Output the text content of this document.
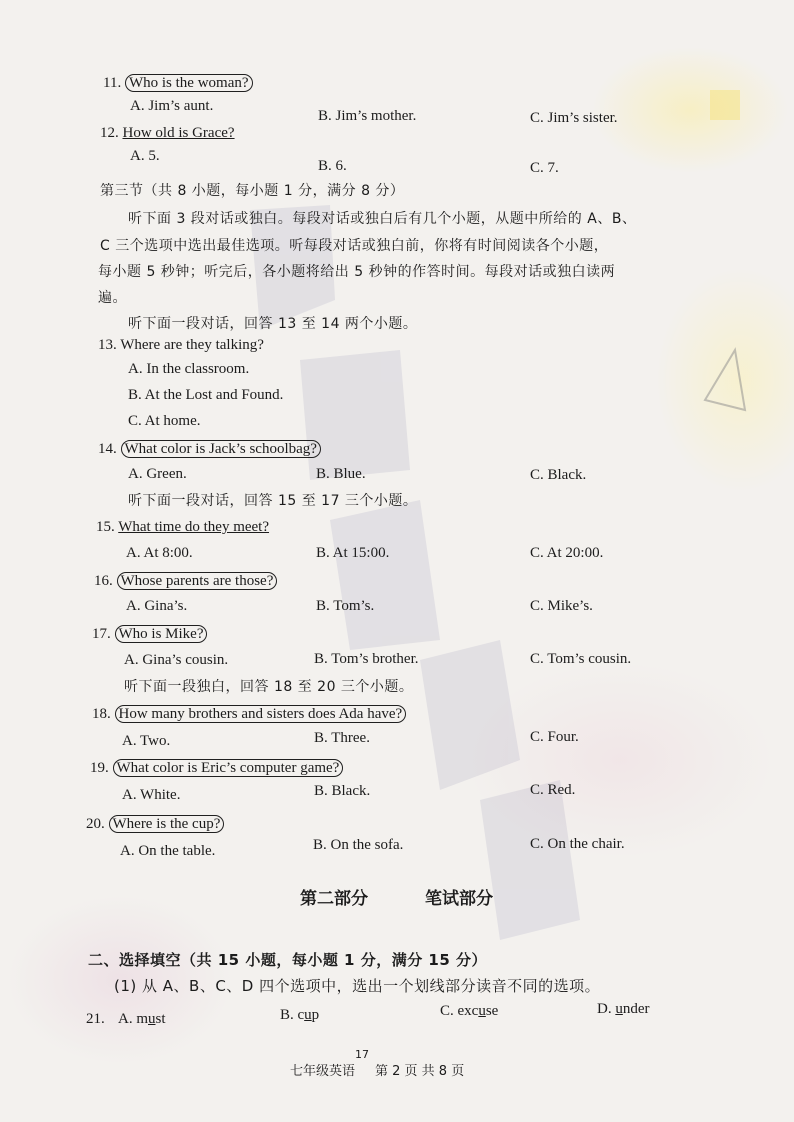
11. Who is the woman?
A. Jim’s aunt.
B. Jim’s mother.	C. Jim’s sister.
12. How old is Grace?
A. 5.
B. 6.	C. 7.
第三节（共 8 小题，每小题 1 分，满分 8 分）
听下面 3 段对话或独白。每段对话或独白后有几个小题，从题中所给的 A、B、
C 三个选项中选出最佳选项。听每段对话或独白前，你将有时间阅读各个小题，
每小题 5 秒钟；听完后，各小题将给出 5 秒钟的作答时间。每段对话或独白读两
遍。
听下面一段对话，回答 13 至 14 两个小题。
13. Where are they talking?
A. In the classroom.
B. At the Lost and Found.
C. At home.
14. What color is Jack’s schoolbag?
A. Green.	B. Blue.	C. Black.
听下面一段对话，回答 15 至 17 三个小题。
15. What time do they meet?
A. At 8:00.	B. At 15:00.	C. At 20:00.
16. Whose parents are those?
A. Gina’s.	B. Tom’s.	C. Mike’s.
17. Who is Mike?
A. Gina’s cousin.	B. Tom’s brother.	C. Tom’s cousin.
听下面一段独白，回答 18 至 20 三个小题。
18. How many brothers and sisters does Ada have?
A. Two.	B. Three.	C. Four.
19. What color is Eric’s computer game?
A. White.	B. Black.	C. Red.
20. Where is the cup?
A. On the table.	B. On the sofa.	C. On the chair.
第二部分	笔试部分
二、选择填空（共 15 小题，每小题 1 分，满分 15 分）
(1) 从 A、B、C、D 四个选项中，选出一个划线部分读音不同的选项。
21. A. must	B. cup	C. excuse	D. under
17
七年级英语 第 2 页 共 8 页
